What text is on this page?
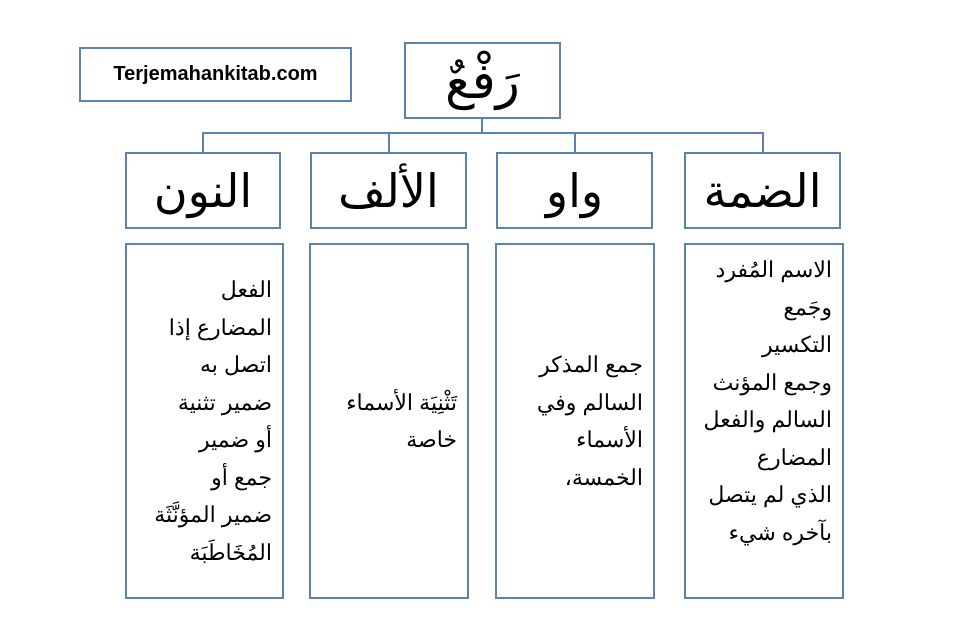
Terjemahankitab.com	رَفْعٌ
الضمة
واو
الألف
النون
الاسم المُفرد
وجَمع
التكسير
وجمع المؤنث
السالم والفعل
المضارع
الذي لم يتصل
بآخره شيء
جمع المذكر
السالم وفي
الأسماء
الخمسة،
تَثْنِيَة الأسماء
خاصة
الفعل
المضارع إذا
اتصل به
ضمير تثنية
أو ضمير
جمع أو
ضمير المؤنَّثَة
المُخَاطَبَة
